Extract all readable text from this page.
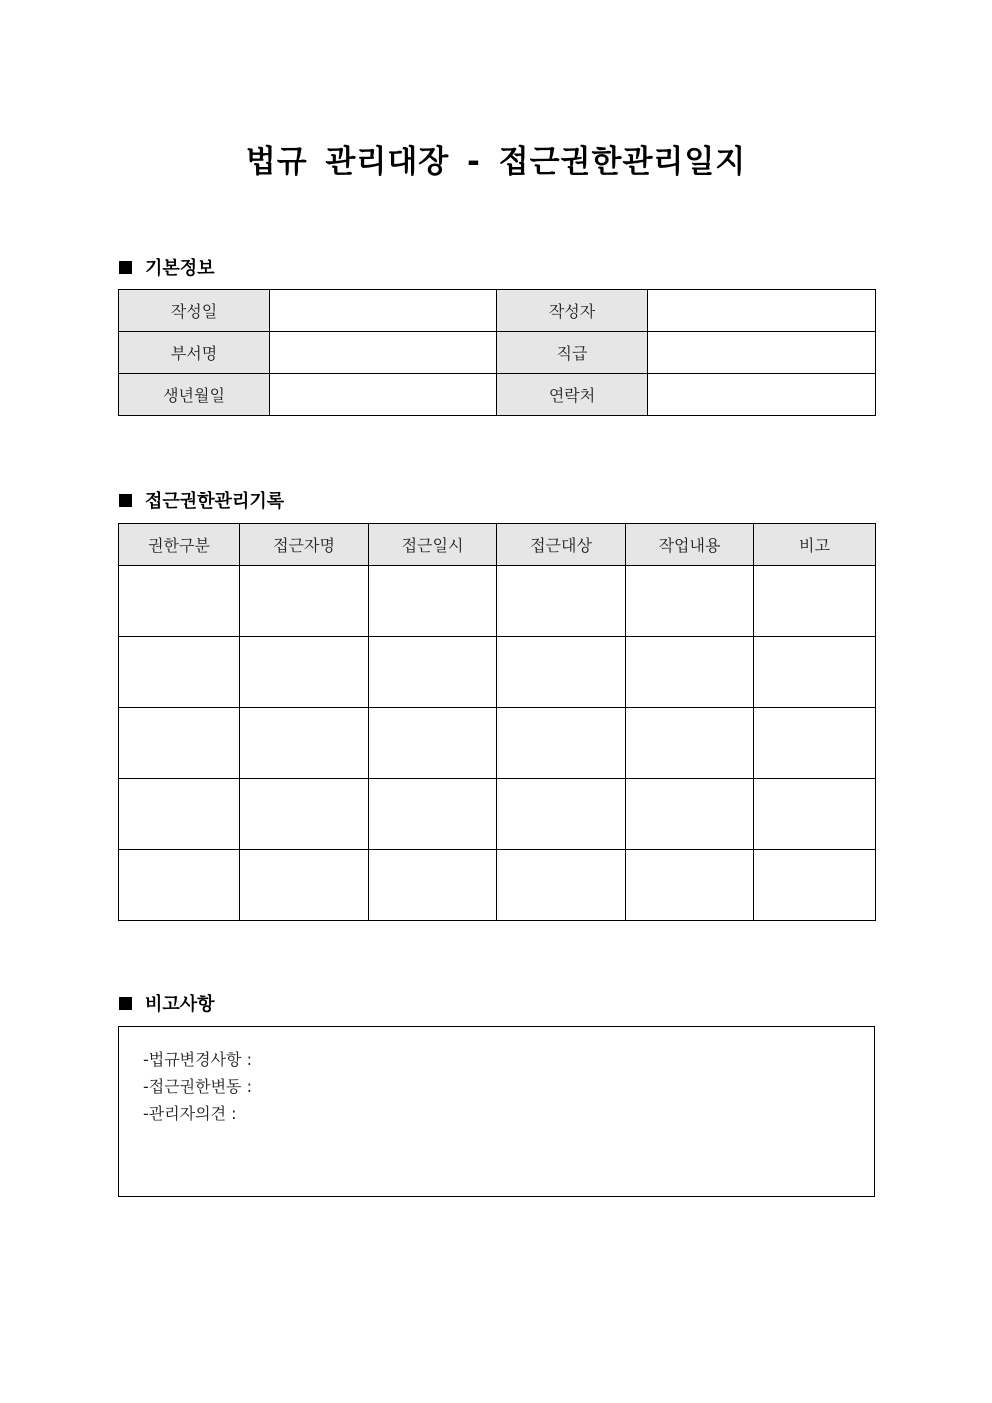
법규 관리대장 - 접근권한관리일지
기본정보
작성일		작성자	
부서명		직급	
생년월일		연락처	
접근권한관리기록
권한구분	접근자명	접근일시	접근대상	작업내용	비고

비고사항
-법규변경사항 :
-접근권한변동 :
-관리자의견 :
